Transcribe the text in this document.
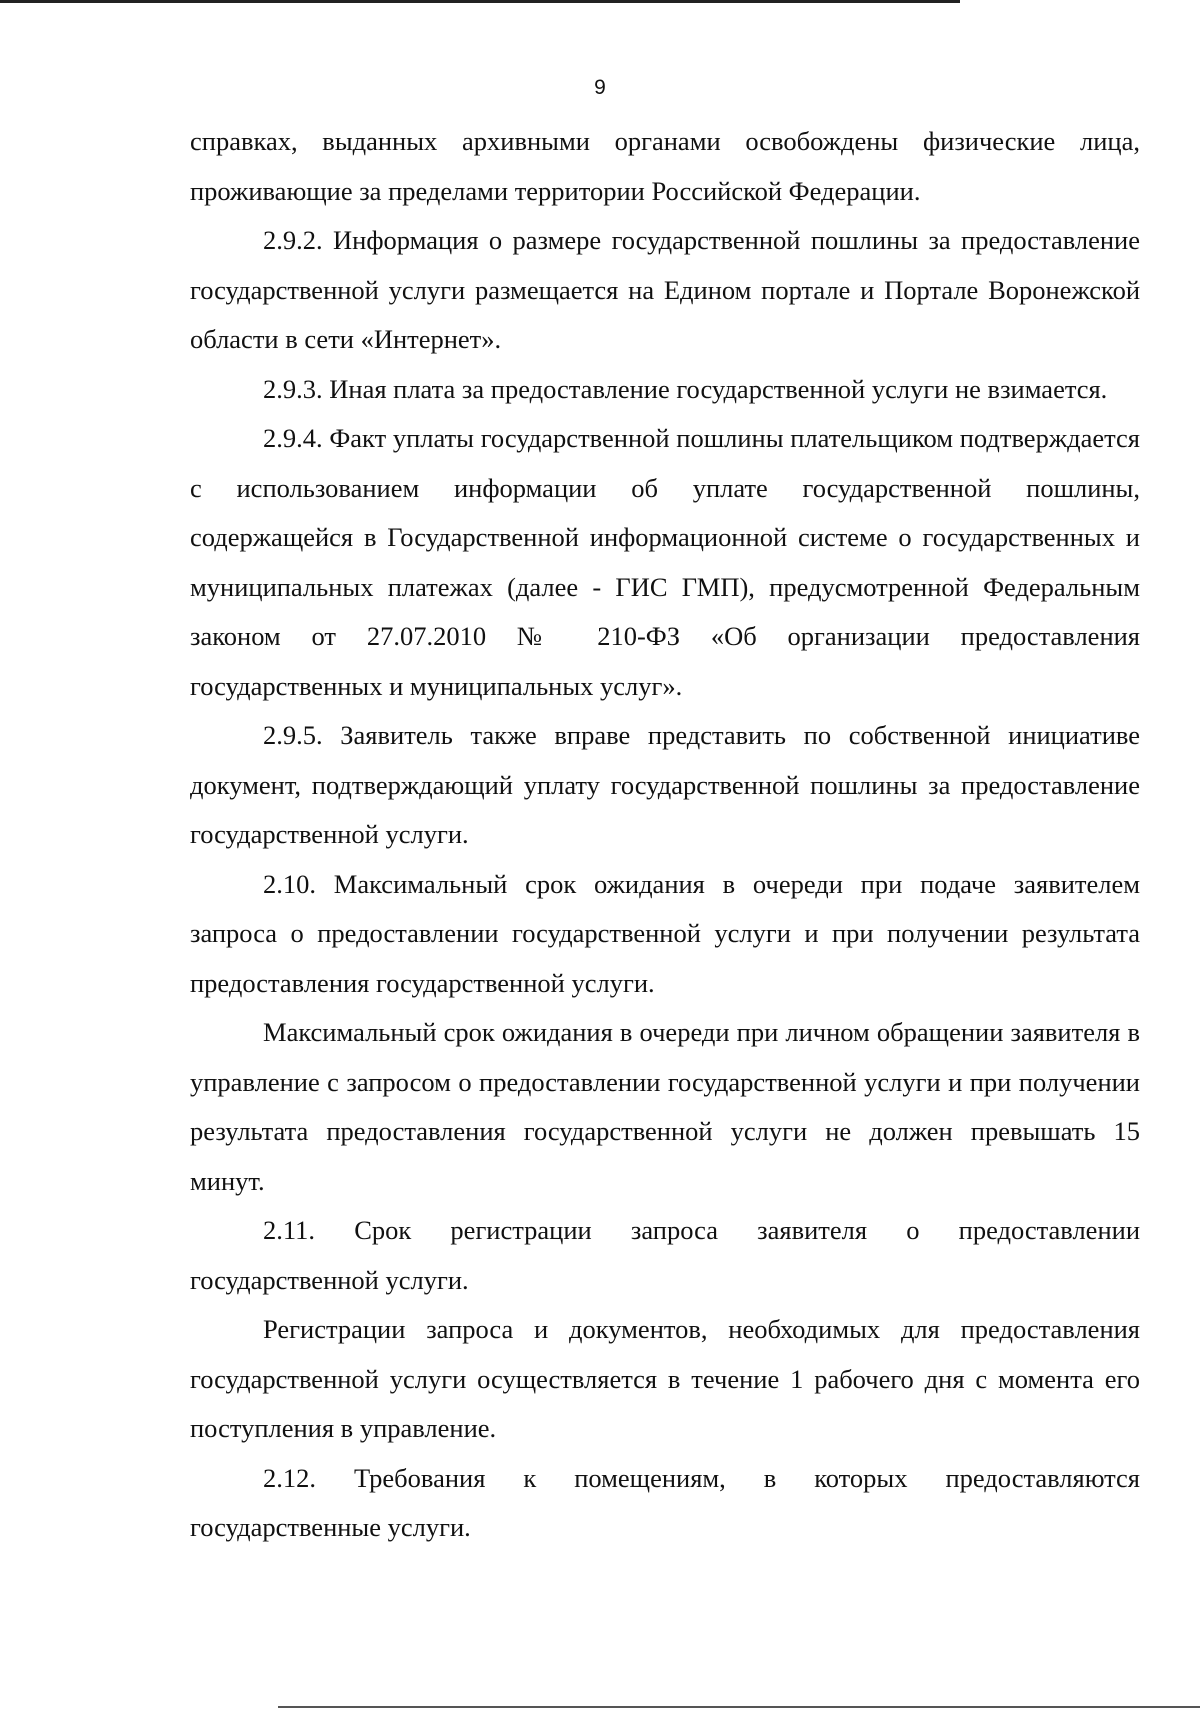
9

справках, выданных архивными органами освобождены физические лица, проживающие за пределами территории Российской Федерации.

2.9.2. Информация о размере государственной пошлины за предоставление государственной услуги размещается на Едином портале и Портале Воронежской области в сети «Интернет».

2.9.3. Иная плата за предоставление государственной услуги не взимается.

2.9.4. Факт уплаты государственной пошлины плательщиком подтверждается с использованием информации об уплате государственной пошлины, содержащейся в Государственной информационной системе о государственных и муниципальных платежах (далее - ГИС ГМП), предусмотренной Федеральным законом от 27.07.2010 № 210-ФЗ «Об организации предоставления государственных и муниципальных услуг».

2.9.5. Заявитель также вправе представить по собственной инициативе документ, подтверждающий уплату государственной пошлины за предоставление государственной услуги.

2.10. Максимальный срок ожидания в очереди при подаче заявителем запроса о предоставлении государственной услуги и при получении результата предоставления государственной услуги.

Максимальный срок ожидания в очереди при личном обращении заявителя в управление с запросом о предоставлении государственной услуги и при получении результата предоставления государственной услуги не должен превышать 15 минут.

2.11. Срок регистрации запроса заявителя о предоставлении государственной услуги.

Регистрации запроса и документов, необходимых для предоставления государственной услуги осуществляется в течение 1 рабочего дня с момента его поступления в управление.

2.12. Требования к помещениям, в которых предоставляются государственные услуги.
